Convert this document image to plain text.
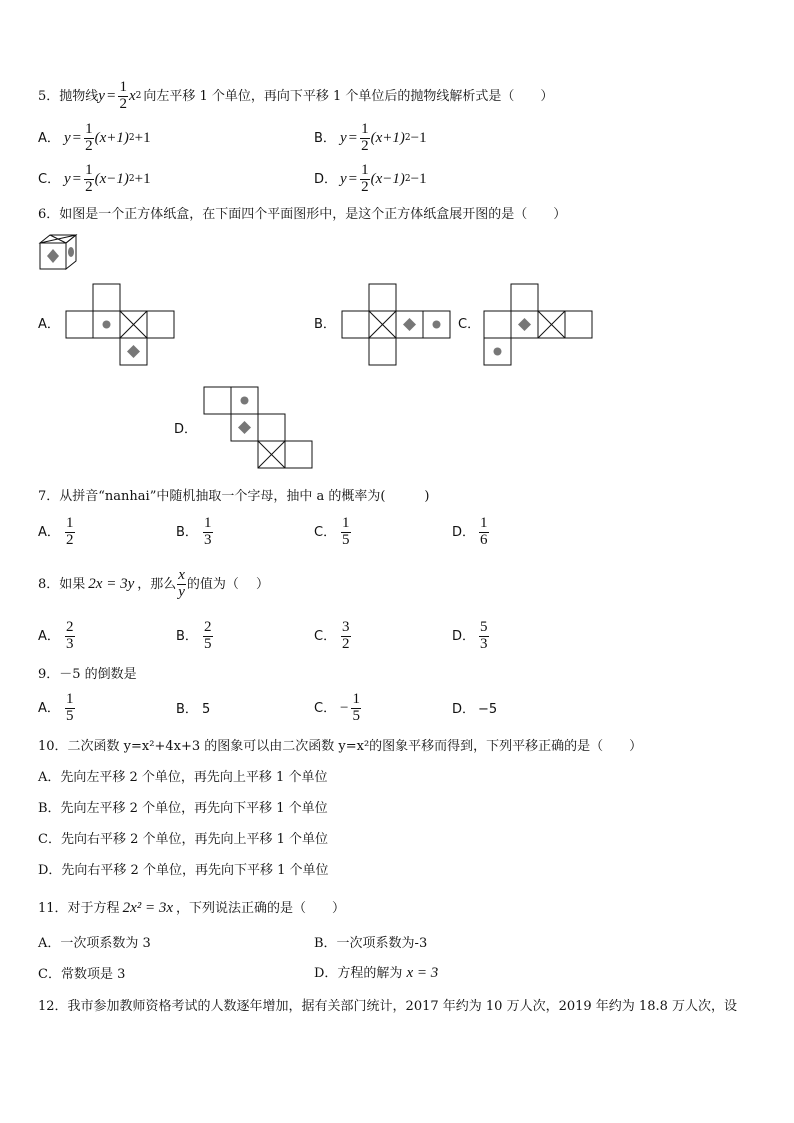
5． 抛物线 $y = \frac{1}{2}$ x 2 向左平移 1 个单位，再向下平移 1 个单位后的抛物线解析式是（　　）
A． $y = \frac{1}{2} (x+1)$ 2 +1	B． $y = \frac{1}{2} (x+1)$ 2 −1
C． $y = \frac{1}{2} (x-1)$ 2 +1	D． $y = \frac{1}{2} (x-1)$ 2 −1
6．如图是一个正方体纸盒，在下面四个平面图形中，是这个正方体纸盒展开图的是（　　）
A．	B．	C．
D．
7．从拼音“nanhai”中随机抽取一个字母，抽中 a 的概率为(　　　)
A． $\frac{1}{2}$	B． $\frac{1}{3}$	C． $\frac{1}{5}$	D． $\frac{1}{6}$
8． 如果 2x = 3y ，那么 $\frac{x}{y}$ 的值为（　 ）
A． $\frac{2}{3}$	B． $\frac{2}{5}$	C． $\frac{3}{2}$	D． $\frac{5}{3}$
9．－5 的倒数是
A． $\frac{1}{5}$	B． 5	C． − $\frac{1}{5}$	D． −5
10．二次函数 y=x²+4x+3 的图象可以由二次函数 y=x²的图象平移而得到，下列平移正确的是（　　）
A．先向左平移 2 个单位，再先向上平移 1 个单位
B．先向左平移 2 个单位，再先向下平移 1 个单位
C．先向右平移 2 个单位，再先向上平移 1 个单位
D．先向右平移 2 个单位，再先向下平移 1 个单位
11． 对于方程 2x² = 3x ，下列说法正确的是（　　）
A．一次项系数为 3	B．一次项系数为-3
C．常数项是 3	D．方程的解为 x = 3
12．我市参加教师资格考试的人数逐年增加，据有关部门统计，2017 年约为 10 万人次，2019 年约为 18.8 万人次，设
